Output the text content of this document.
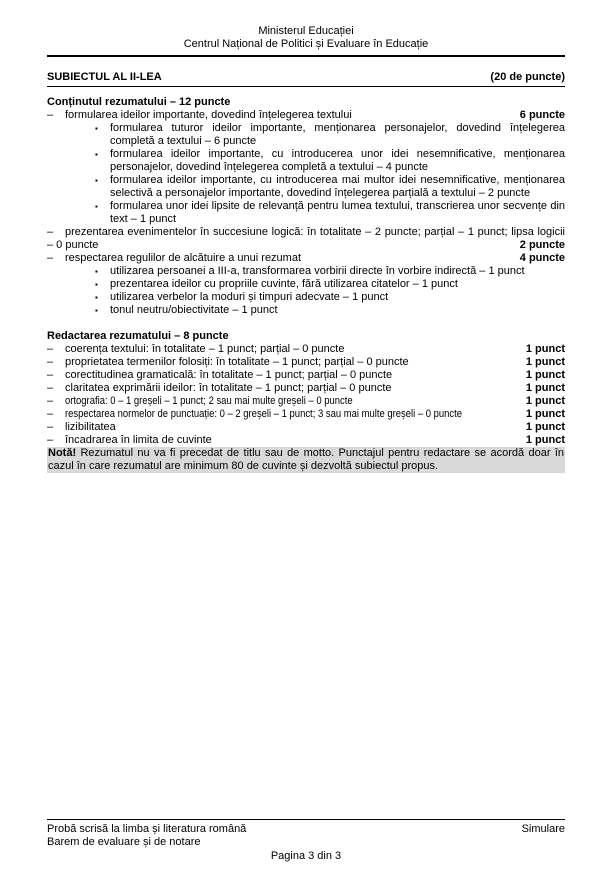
Ministerul Educației
Centrul Național de Politici și Evaluare în Educație
SUBIECTUL AL II-LEA	(20 de puncte)
Conținutul rezumatului – 12 puncte
– formularea ideilor importante, dovedind înțelegerea textului	6 puncte
▪ formularea tuturor ideilor importante, menționarea personajelor, dovedind înțelegerea completă a textului – 6 puncte
▪ formularea ideilor importante, cu introducerea unor idei nesemnificative, menționarea personajelor, dovedind înțelegerea completă a textului – 4 puncte
▪ formularea ideilor importante, cu introducerea mai multor idei nesemnificative, menționarea selectivă a personajelor importante, dovedind înțelegerea parțială a textului – 2 puncte
▪ formularea unor idei lipsite de relevanță pentru lumea textului, transcrierea unor secvențe din text – 1 punct
– prezentarea evenimentelor în succesiune logică: în totalitate – 2 puncte; parțial – 1 punct; lipsa logicii – 0 puncte	2 puncte
– respectarea regulilor de alcătuire a unui rezumat	4 puncte
▪ utilizarea persoanei a III-a, transformarea vorbirii directe în vorbire indirectă – 1 punct
▪ prezentarea ideilor cu propriile cuvinte, fără utilizarea citatelor – 1 punct
▪ utilizarea verbelor la moduri și timpuri adecvate – 1 punct
▪ tonul neutru/obiectivitate – 1 punct
Redactarea rezumatului – 8 puncte
– coerența textului: în totalitate – 1 punct; parțial – 0 puncte	1 punct
– proprietatea termenilor folosiți: în totalitate – 1 punct; parțial – 0 puncte	1 punct
– corectitudinea gramaticală: în totalitate – 1 punct; parțial – 0 puncte	1 punct
– claritatea exprimării ideilor: în totalitate – 1 punct; parțial – 0 puncte	1 punct
– ortografia: 0 – 1 greșeli – 1 punct; 2 sau mai multe greșeli – 0 puncte	1 punct
– respectarea normelor de punctuație: 0 – 2 greșeli – 1 punct; 3 sau mai multe greșeli – 0 puncte	1 punct
– lizibilitatea	1 punct
– încadrarea în limita de cuvinte	1 punct
Notă! Rezumatul nu va fi precedat de titlu sau de motto. Punctajul pentru redactare se acordă doar în cazul în care rezumatul are minimum 80 de cuvinte și dezvoltă subiectul propus.
Probă scrisă la limba și literatura română	Simulare
Barem de evaluare și de notare
Pagina 3 din 3
